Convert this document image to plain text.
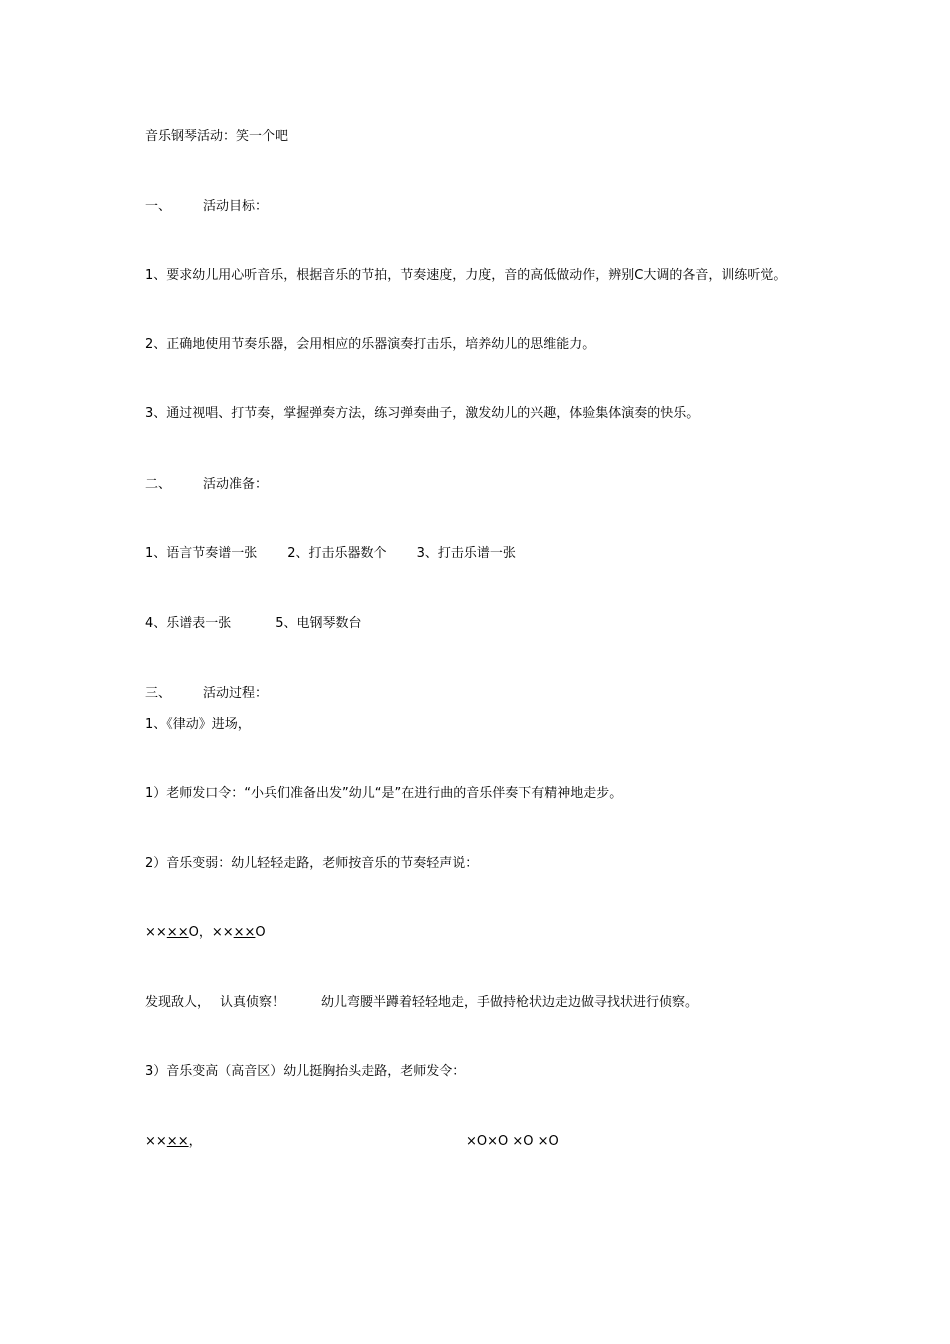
音乐钢琴活动：笑一个吧
一、 活动目标：
1、要求幼儿用心听音乐，根据音乐的节拍，节奏速度，力度，音的高低做动作，辨别C大调的各音，训练听觉。
2、正确地使用节奏乐器，会用相应的乐器演奏打击乐，培养幼儿的思维能力。
3、通过视唱、打节奏，掌握弹奏方法，练习弹奏曲子，激发幼儿的兴趣，体验集体演奏的快乐。
二、 活动准备：
1、语言节奏谱一张 2、打击乐器数个 3、打击乐谱一张
4、乐谱表一张	5、电钢琴数台
三、 活动过程：
1、《律动》进场，
1）老师发口令：“小兵们准备出发”幼儿“是”在进行曲的音乐伴奏下有精神地走步。
2）音乐变弱：幼儿轻轻走路，老师按音乐的节奏轻声说：
××××O，××××O
发现敌人， 认真侦察！	幼儿弯腰半蹲着轻轻地走，手做持枪状边走边做寻找状进行侦察。
3）音乐变高（高音区）幼儿挺胸抬头走路，老师发令：
××××，	×O×O ×O ×O
